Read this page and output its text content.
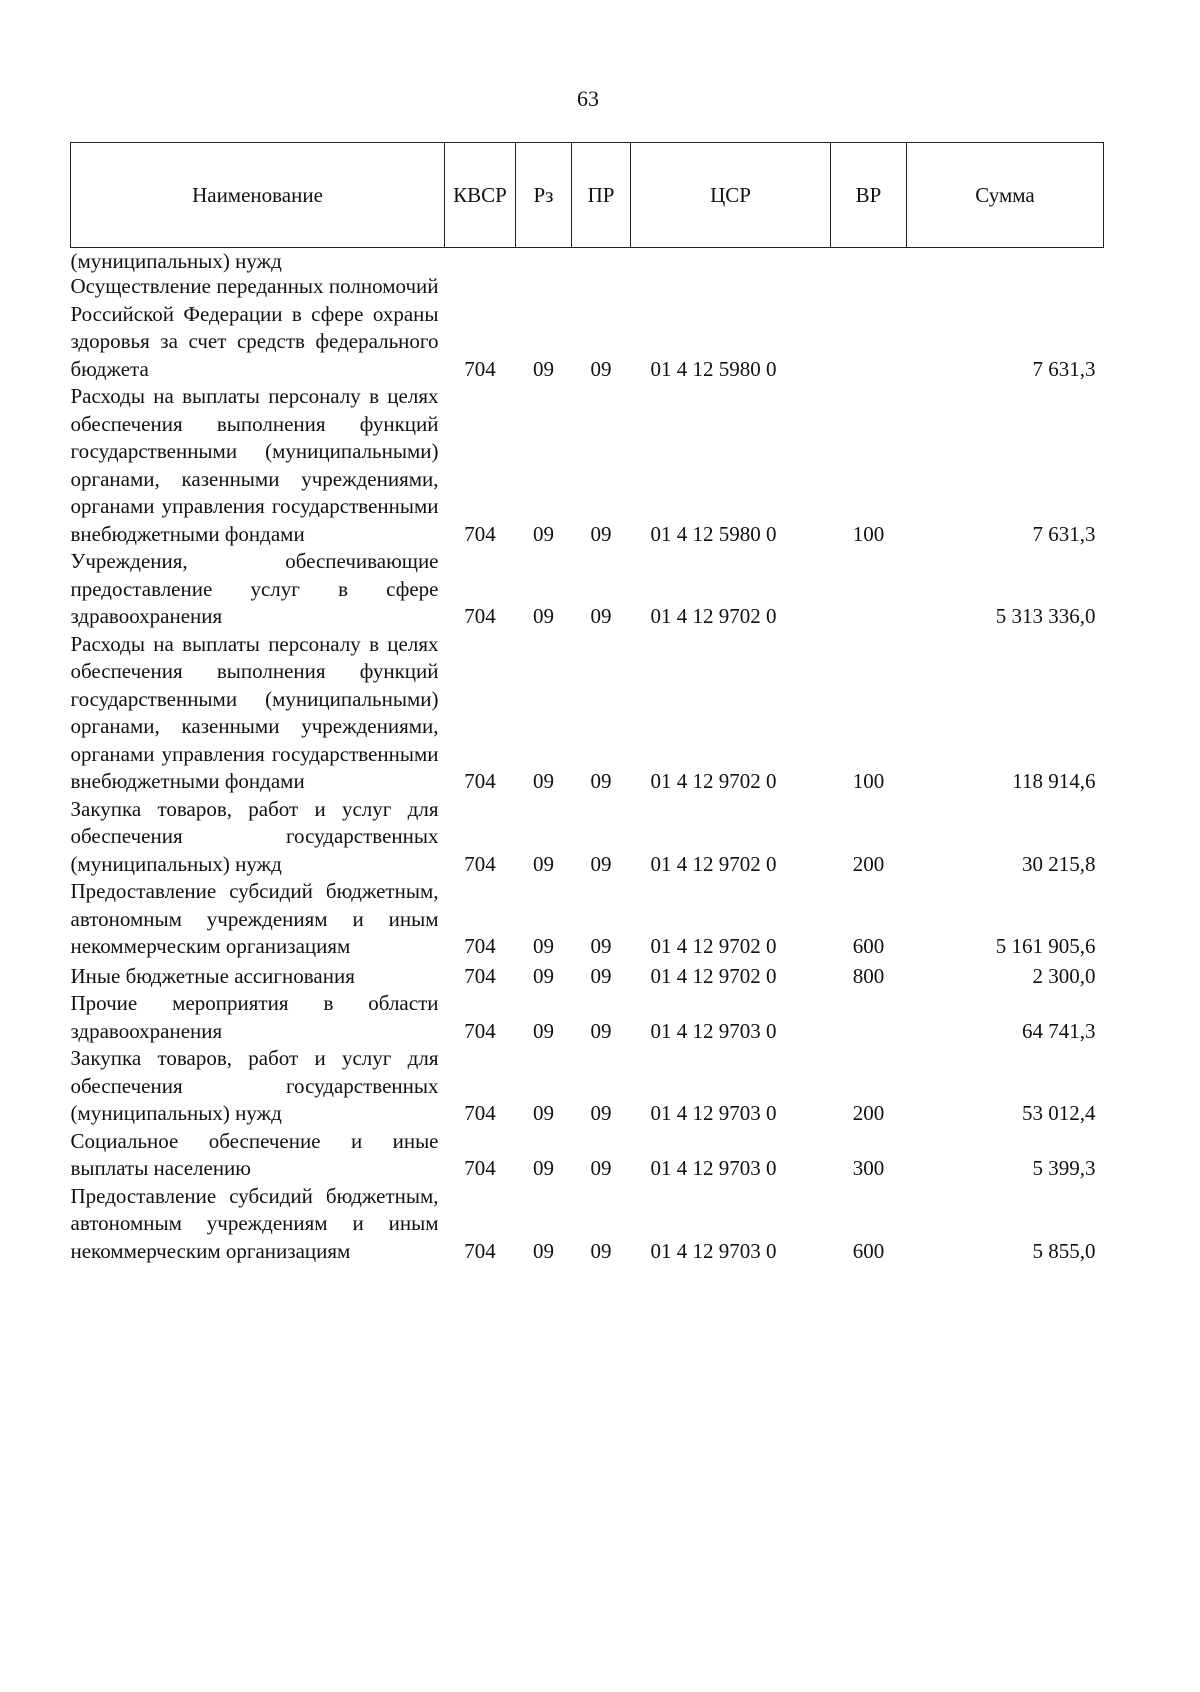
63
Наименование	КВСР	Рз	ПР	ЦСР	ВР	Сумма
(муниципальных) нужд						
Осуществление переданных полномочий Российской Федерации в сфере охраны здоровья за счет средств федерального бюджета	704	09	09	01 4 12 5980 0		7 631,3
Расходы на выплаты персоналу в целях обеспечения выполнения функций государственными (муниципальными) органами, казенными учреждениями, органами управления государственными внебюджетными фондами	704	09	09	01 4 12 5980 0	100	7 631,3
Учреждения, обеспечивающие предоставление услуг в сфере здравоохранения	704	09	09	01 4 12 9702 0		5 313 336,0
Расходы на выплаты персоналу в целях обеспечения выполнения функций государственными (муниципальными) органами, казенными учреждениями, органами управления государственными внебюджетными фондами	704	09	09	01 4 12 9702 0	100	118 914,6
Закупка товаров, работ и услуг для обеспечения государственных (муниципальных) нужд	704	09	09	01 4 12 9702 0	200	30 215,8
Предоставление субсидий бюджетным, автономным учреждениям и иным некоммерческим организациям	704	09	09	01 4 12 9702 0	600	5 161 905,6
Иные бюджетные ассигнования	704	09	09	01 4 12 9702 0	800	2 300,0
Прочие мероприятия в области здравоохранения	704	09	09	01 4 12 9703 0		64 741,3
Закупка товаров, работ и услуг для обеспечения государственных (муниципальных) нужд	704	09	09	01 4 12 9703 0	200	53 012,4
Социальное обеспечение и иные выплаты населению	704	09	09	01 4 12 9703 0	300	5 399,3
Предоставление субсидий бюджетным, автономным учреждениям и иным некоммерческим организациям	704	09	09	01 4 12 9703 0	600	5 855,0
